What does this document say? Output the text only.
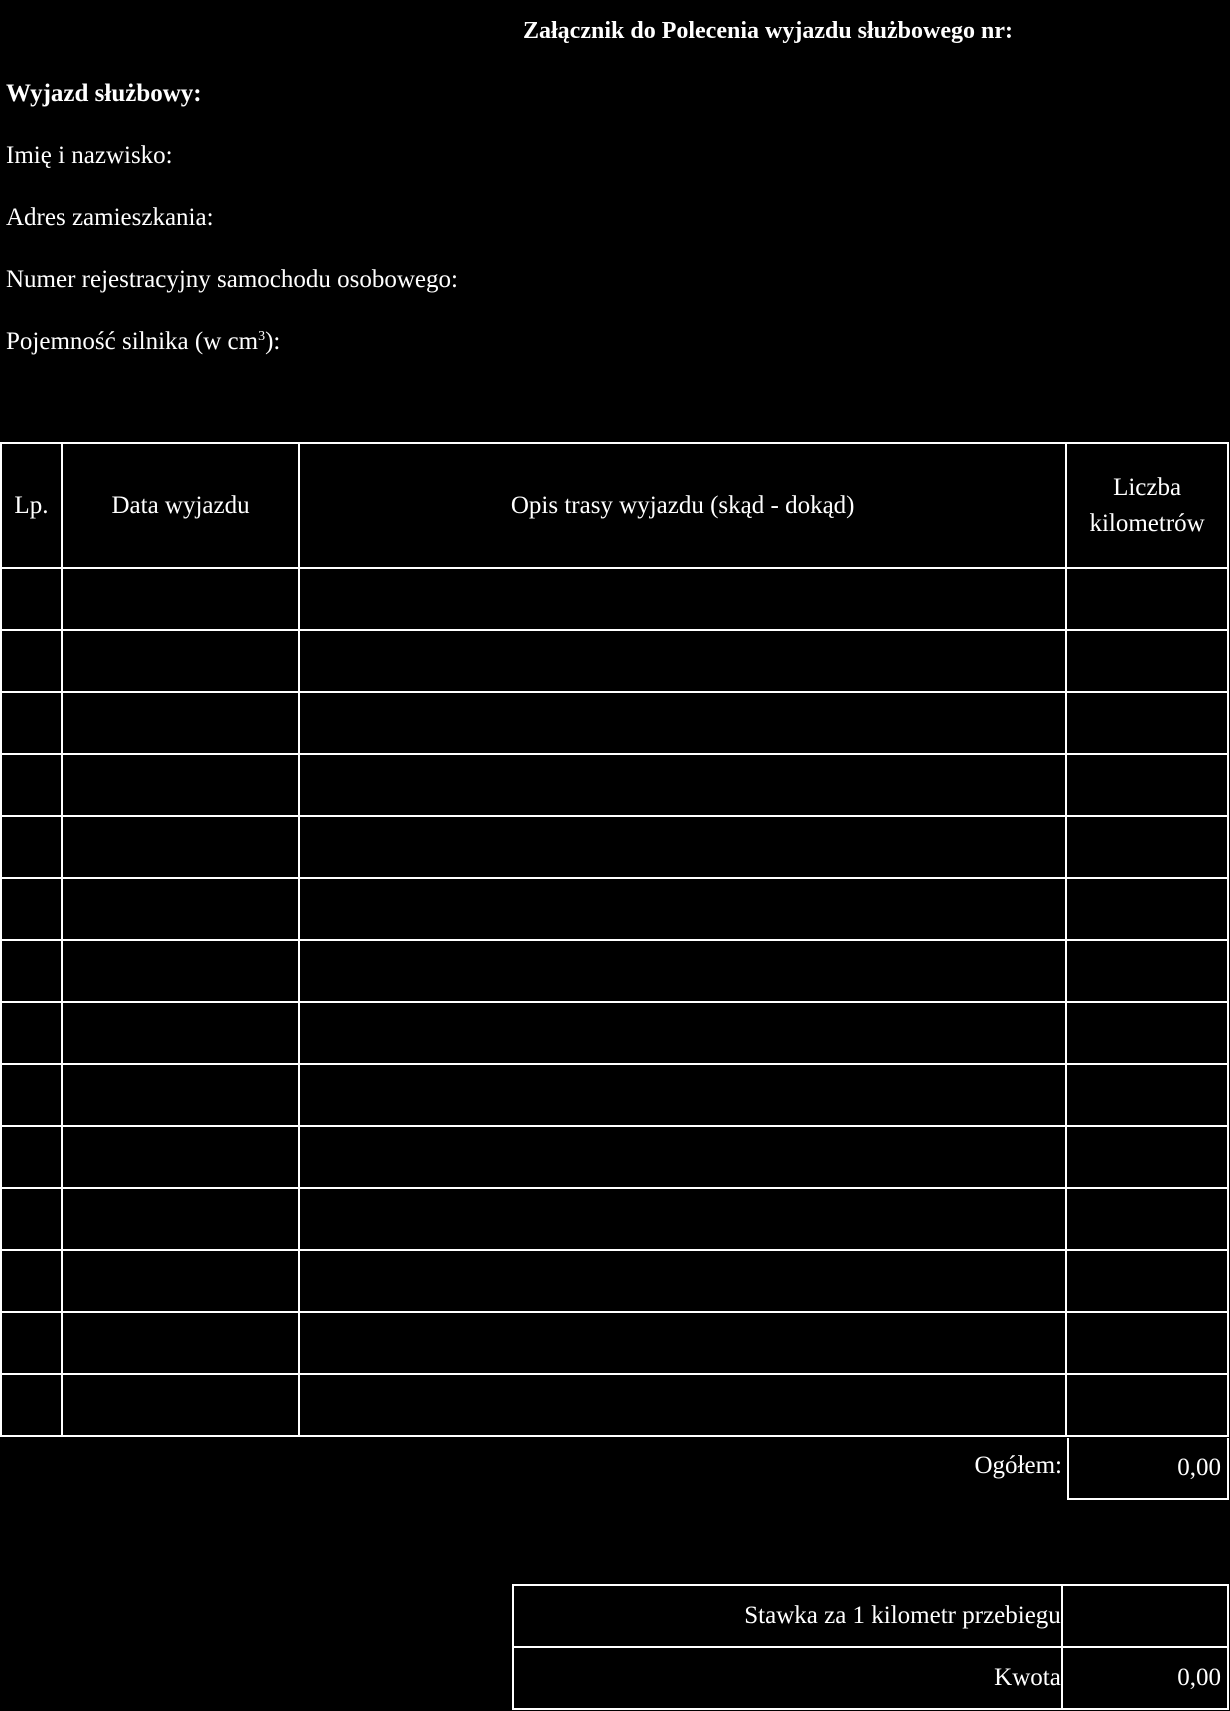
Załącznik do Polecenia wyjazdu służbowego nr:
Wyjazd służbowy:
Imię i nazwisko:
Adres zamieszkania:
Numer rejestracyjny samochodu osobowego:
Pojemność silnika (w $cm^3$):
Lp.	Data wyjazdu	Opis trasy wyjazdu (skąd - dokąd)	Liczba
kilometrów

Ogółem:	0,00
Stawka za 1 kilometr przebiegu	
Kwota	0,00
